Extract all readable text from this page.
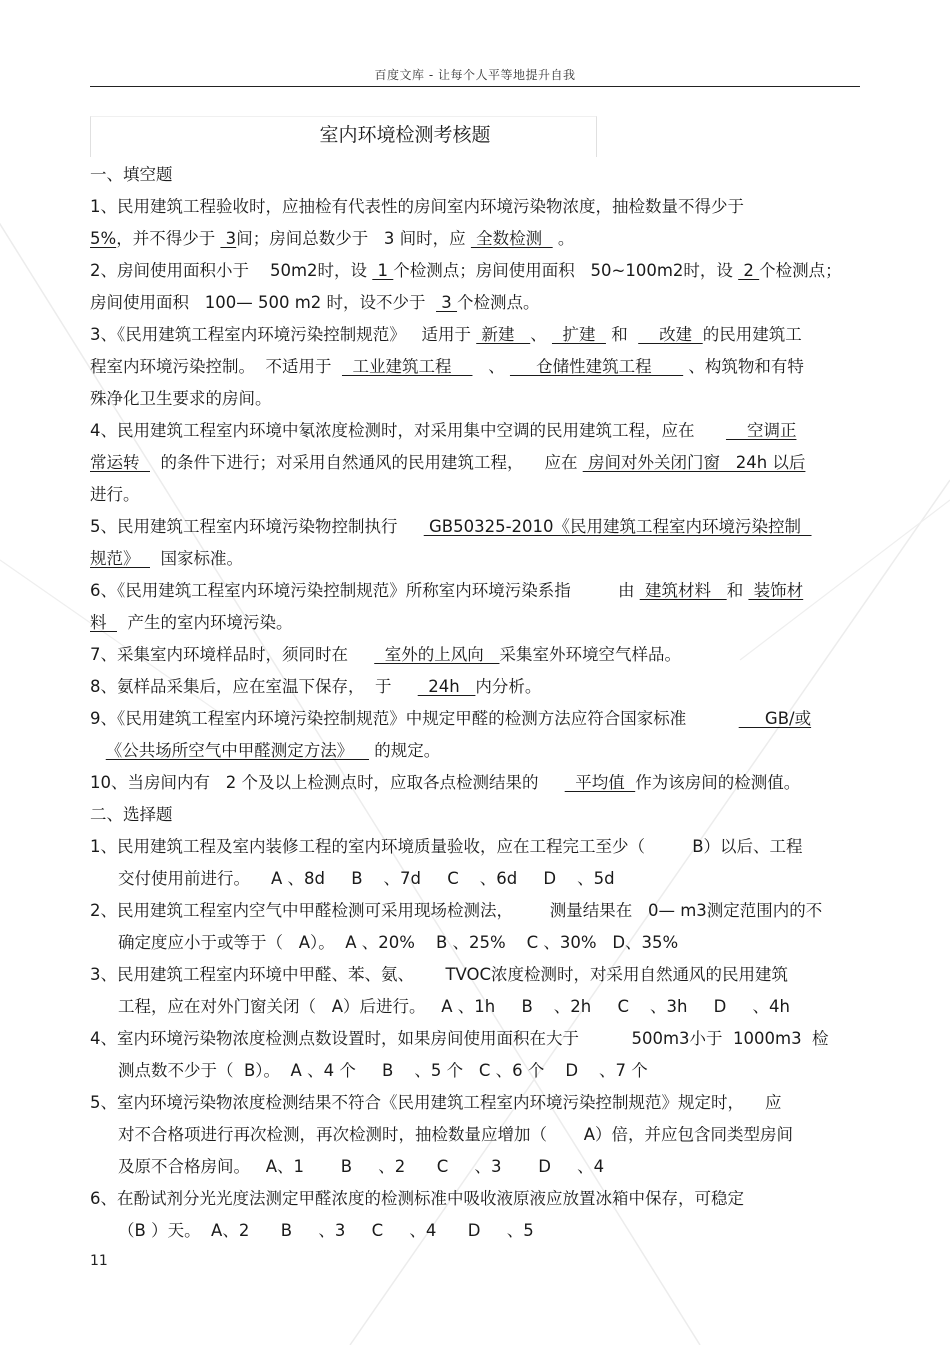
百度文库 - 让每个人平等地提升自我
室内环境检测考核题
一、填空题
1、民用建筑工程验收时，应抽检有代表性的房间室内环境污染物浓度，抽检数量不得少于
5%，并不得少于  3间；房间总数少于   3 间时，应  全数检测   。
2、房间使用面积小于    50m2时，设  1 个检测点；房间使用面积   50~100m2时，设  2 个检测点；
房间使用面积   100— 500 m2 时，设不少于   3 个检测点。
3、《民用建筑工程室内环境污染控制规范》   适用于  新建   、   扩建   和      改建  的民用建筑工
程室内环境污染控制。  不适用于    工业建筑工程       、      仓储性建筑工程       、构筑物和有特
殊净化卫生要求的房间。
4、民用建筑工程室内环境中氡浓度检测时，对采用集中空调的民用建筑工程，应在          空调正
常运转    的条件下进行；对采用自然通风的民用建筑工程，    应在  房间对外关闭门窗   24h 以后
进行。
5、民用建筑工程室内环境污染物控制执行      GB50325-2010《民用建筑工程室内环境污染控制
规范》    国家标准。
6、《民用建筑工程室内环境污染控制规范》所称室内环境污染系指         由  建筑材料   和  装饰材
料    产生的室内环境污染。
7、采集室内环境样品时，须同时在       室外的上风向   采集室外环境空气样品。
8、氨样品采集后，应在室温下保存，  于       24h   内分析。
9、《民用建筑工程室内环境污染控制规范》中规定甲醛的检测方法应符合国家标准               GB/或
《公共场所空气中甲醛测定方法》    的规定。
10、当房间内有   2 个及以上检测点时，应取各点检测结果的       平均值  作为该房间的检测值。
二、选择题
1、民用建筑工程及室内装修工程的室内环境质量验收，应在工程完工至少（         B）以后、工程
交付使用前进行。    A 、8d     B    、7d     C    、6d     D    、5d
2、民用建筑工程室内空气中甲醛检测可采用现场检测法，       测量结果在   0— m3测定范围内的不
确定度应小于或等于（   A）。  A 、20%    B 、25%    C 、30%   D、35%
3、民用建筑工程室内环境中甲醛、苯、氨、      TVOC浓度检测时，对采用自然通风的民用建筑
工程，应在对外门窗关闭（   A）后进行。   A 、1h     B    、2h     C    、3h     D     、4h
4、室内环境污染物浓度检测点数设置时，如果房间使用面积在大于          500m3小于  1000m3  检
测点数不少于（  B）。  A 、4 个     B    、5 个   C 、6 个    D    、7 个
5、室内环境污染物浓度检测结果不符合《民用建筑工程室内环境污染控制规范》规定时，    应
对不合格项进行再次检测，再次检测时，抽检数量应增加（       A）倍，并应包含同类型房间
及原不合格房间。   A、1       B     、2      C     、3       D     、4
6、在酚试剂分光光度法测定甲醛浓度的检测标准中吸收液原液应放置冰箱中保存，可稳定
（B ）天。  A、2      B     、3     C     、4      D     、5
11
